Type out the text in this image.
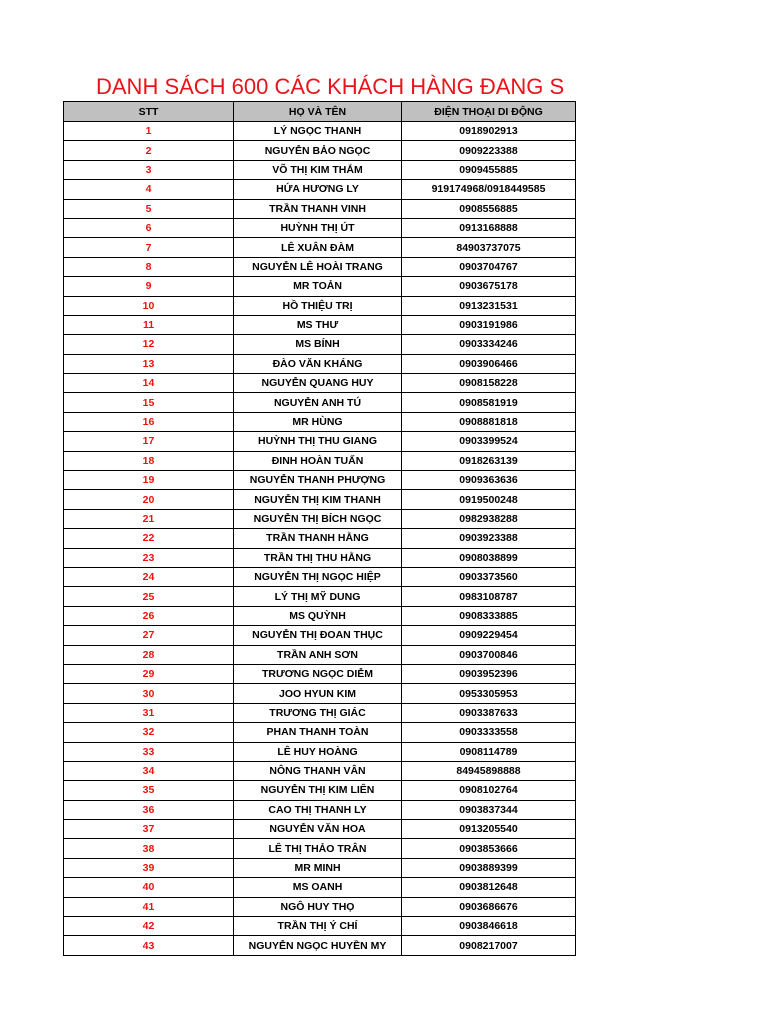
DANH SÁCH 600 CÁC KHÁCH HÀNG ĐANG S
STT	HỌ VÀ TÊN	ĐIỆN THOẠI DI ĐỘNG
1	LÝ NGỌC THANH	0918902913
2	NGUYỄN BẢO NGỌC	0909223388
3	VÕ THỊ KIM THẮM	0909455885
4	HỨA HƯƠNG LY	919174968/0918449585
5	TRẦN THANH VINH	0908556885
6	HUỲNH THỊ ÚT	0913168888
7	LÊ XUÂN ĐÀM	84903737075
8	NGUYỄN LÊ HOÀI TRANG	0903704767
9	MR TOẢN	0903675178
10	HỒ THIỆU TRỊ	0913231531
11	MS THƯ	0903191986
12	MS BÍNH	0903334246
13	ĐÀO VĂN KHÁNG	0903906466
14	NGUYỄN QUANG HUY	0908158228
15	NGUYỄN ANH TÚ	0908581919
16	MR HÙNG	0908881818
17	HUỲNH THỊ THU GIANG	0903399524
18	ĐINH HOÀN TUẤN	0918263139
19	NGUYỄN THANH PHƯỢNG	0909363636
20	NGUYỄN THỊ KIM THANH	0919500248
21	NGUYỄN THỊ BÍCH NGỌC	0982938288
22	TRẦN THANH HẰNG	0903923388
23	TRẦN THỊ THU HẰNG	0908038899
24	NGUYỄN THỊ NGỌC HIỆP	0903373560
25	LÝ THỊ MỸ DUNG	0983108787
26	MS QUỲNH	0908333885
27	NGUYỄN THỊ ĐOAN THỤC	0909229454
28	TRẦN ANH SƠN	0903700846
29	TRƯƠNG NGỌC DIỄM	0903952396
30	JOO HYUN KIM	0953305953
31	TRƯƠNG THỊ GIÁC	0903387633
32	PHAN THANH TOÀN	0903333558
33	LÊ HUY HOÀNG	0908114789
34	NÔNG THANH VÂN	84945898888
35	NGUYỄN THỊ KIM LIÊN	0908102764
36	CAO THỊ THANH LY	0903837344
37	NGUYỄN VĂN HOA	0913205540
38	LÊ THỊ THẢO TRÂN	0903853666
39	MR MINH	0903889399
40	MS OANH	0903812648
41	NGÔ HUY THỌ	0903686676
42	TRẦN THỊ Ý CHÍ	0903846618
43	NGUYỄN NGỌC HUYỀN MY	0908217007
